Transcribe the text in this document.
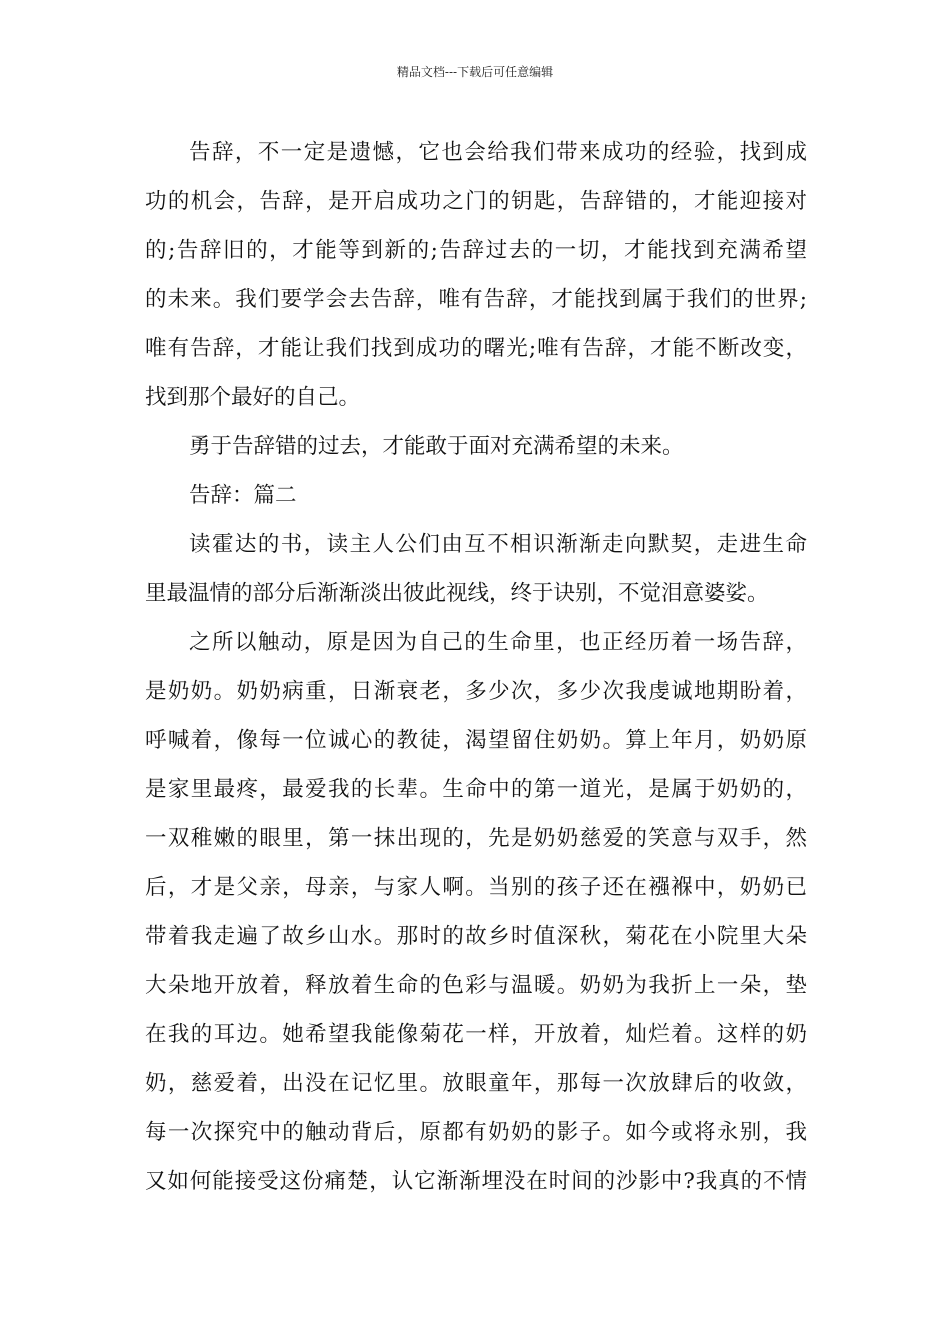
精品文档---下载后可任意编辑

告辞，不一定是遗憾，它也会给我们带来成功的经验，找到成
功的机会，告辞，是开启成功之门的钥匙，告辞错的，才能迎接对
的;告辞旧的，才能等到新的;告辞过去的一切，才能找到充满希望
的未来。我们要学会去告辞，唯有告辞，才能找到属于我们的世界;
唯有告辞，才能让我们找到成功的曙光;唯有告辞，才能不断改变，
找到那个最好的自己。

勇于告辞错的过去，才能敢于面对充满希望的未来。

告辞：篇二

读霍达的书，读主人公们由互不相识渐渐走向默契，走进生命
里最温情的部分后渐渐淡出彼此视线，终于诀别，不觉泪意婆娑。

之所以触动，原是因为自己的生命里，也正经历着一场告辞，
是奶奶。奶奶病重，日渐衰老，多少次，多少次我虔诚地期盼着，
呼喊着，像每一位诚心的教徒，渴望留住奶奶。算上年月，奶奶原
是家里最疼，最爱我的长辈。生命中的第一道光，是属于奶奶的，
一双稚嫩的眼里，第一抹出现的，先是奶奶慈爱的笑意与双手，然
后，才是父亲，母亲，与家人啊。当别的孩子还在襁褓中，奶奶已
带着我走遍了故乡山水。那时的故乡时值深秋，菊花在小院里大朵
大朵地开放着，释放着生命的色彩与温暖。奶奶为我折上一朵，垫
在我的耳边。她希望我能像菊花一样，开放着，灿烂着。这样的奶
奶，慈爱着，出没在记忆里。放眼童年，那每一次放肆后的收敛，
每一次探究中的触动背后，原都有奶奶的影子。如今或将永别，我
又如何能接受这份痛楚，认它渐渐埋没在时间的沙影中?我真的不情
